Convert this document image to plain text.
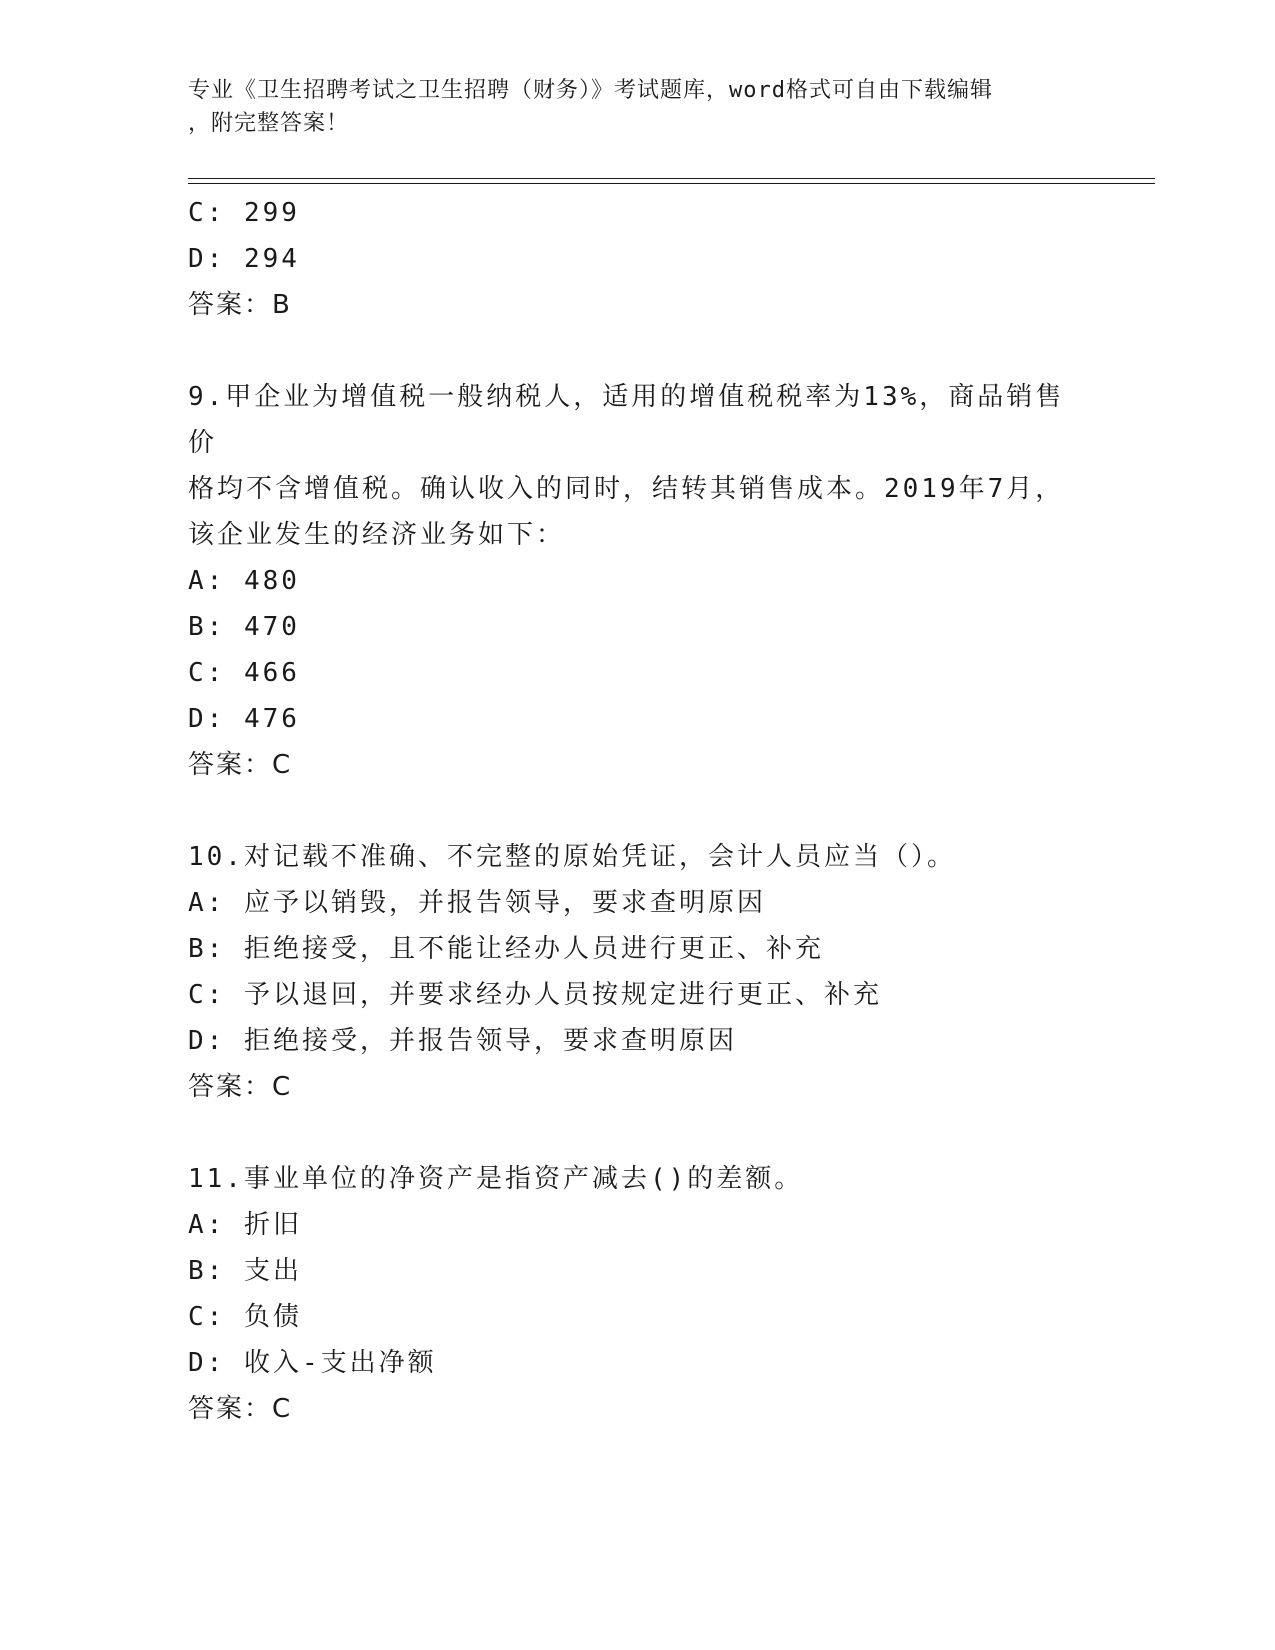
专业《卫生招聘考试之卫生招聘（财务）》考试题库，word格式可自由下载编辑
，附完整答案！
C: 299
D: 294
答案：B
9.甲企业为增值税一般纳税人，适用的增值税税率为13%，商品销售价
格均不含增值税。确认收入的同时，结转其销售成本。2019年7月，
该企业发生的经济业务如下：
A: 480
B: 470
C: 466
D: 476
答案：C
10.对记载不准确、不完整的原始凭证，会计人员应当（）。
A: 应予以销毁，并报告领导，要求查明原因
B: 拒绝接受，且不能让经办人员进行更正、补充
C: 予以退回，并要求经办人员按规定进行更正、补充
D: 拒绝接受，并报告领导，要求查明原因
答案：C
11.事业单位的净资产是指资产减去()的差额。
A: 折旧
B: 支出
C: 负债
D: 收入-支出净额
答案：C
